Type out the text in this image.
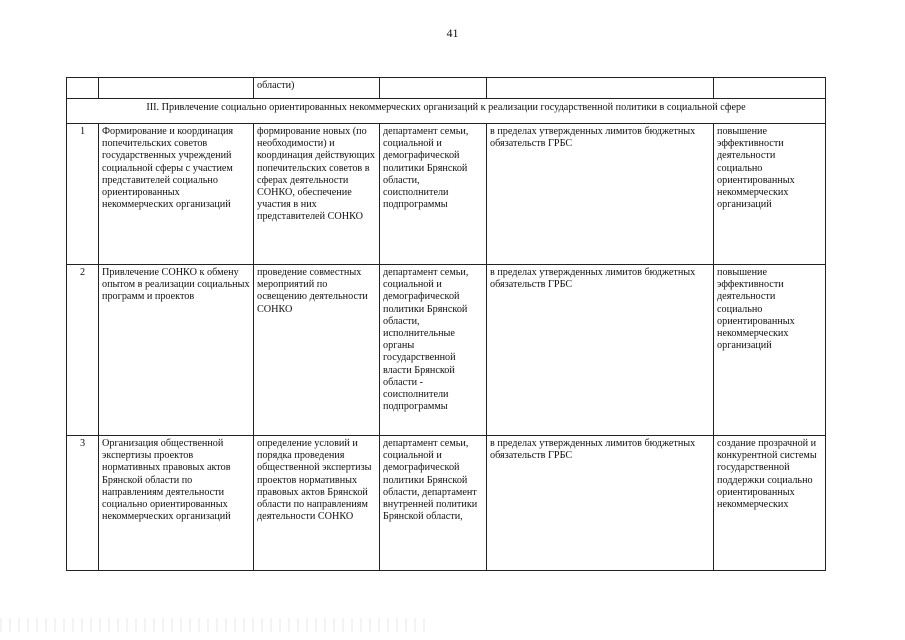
41
		области)			
III. Привлечение социально ориентированных некоммерческих организаций к реализации государственной политики в социальной сфере					
1	Формирование и координация попечительских советов государственных учреждений социальной сферы с участием представителей социально ориентированных некоммерческих организаций	формирование новых (по необходимости) и координация действующих попечительских советов в сферах деятельности СОНКО, обеспечение участия в них представителей СОНКО	департамент семьи, социальной и демографической политики Брянской области, соисполнители подпрограммы	в пределах утвержденных лимитов бюджетных обязательств ГРБС	повышение эффективности деятельности социально ориентированных некоммерческих организаций
2	Привлечение СОНКО к обмену опытом в реализации социальных программ и проектов	проведение совместных мероприятий по освещению деятельности СОНКО	департамент семьи, социальной и демографической политики Брянской области, исполнительные органы государственной власти Брянской области - соисполнители подпрограммы	в пределах утвержденных лимитов бюджетных обязательств ГРБС	повышение эффективности деятельности социально ориентированных некоммерческих организаций
3	Организация общественной экспертизы проектов нормативных правовых актов Брянской области по направлениям деятельности социально ориентированных некоммерческих организаций	определение условий и порядка проведения общественной экспертизы проектов нормативных правовых актов Брянской области по направлениям деятельности СОНКО	департамент семьи, социальной и демографической политики Брянской области, департамент внутренней политики Брянской области,	в пределах утвержденных лимитов бюджетных обязательств ГРБС	создание прозрачной и конкурентной системы государственной поддержки социально ориентированных некоммерческих
